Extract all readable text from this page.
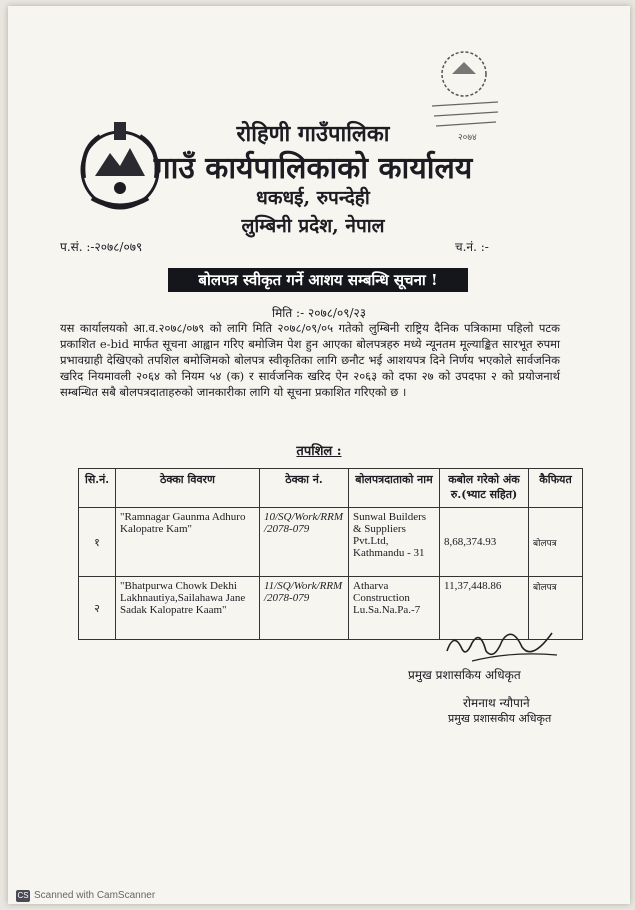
२०७४
रोहिणी गाउँपालिका
गाउँ कार्यपालिकाको कार्यालय
धकधई, रुपन्देही
लुम्बिनी प्रदेश, नेपाल
प.सं. :-२०७८/०७९	च.नं. :-
बोलपत्र स्वीकृत गर्ने आशय सम्बन्धि सूचना !
मिति :- २०७८/०९/२३
यस कार्यालयको आ.व.२०७८/०७९ को लागि मिति २०७८/०९/०५ गतेको लुम्बिनी राष्ट्रिय दैनिक पत्रिकामा पहिलो पटक प्रकाशित e-bid मार्फत सूचना आह्वान गरिए बमोजिम पेश हुन आएका बोलपत्रहरु मध्ये न्यूनतम मूल्याङ्कित सारभूत रुपमा प्रभावग्राही देखिएको तपशिल बमोजिमको बोलपत्र स्वीकृतिका लागि छनौट भई आशयपत्र दिने निर्णय भएकोले सार्वजनिक खरिद नियमावली २०६४ को नियम ५४ (क) र सार्वजनिक खरिद ऐन २०६३ को दफा २७ को उपदफा २ को प्रयोजनार्थ सम्बन्धित सबै बोलपत्रदाताहरुको जानकारीका लागि यो सूचना प्रकाशित गरिएको छ ।
तपशिल :
सि.नं.	ठेक्का विवरण	ठेक्का नं.	बोलपत्रदाताको नाम	कबोल गरेको अंक रु.(भ्याट सहित)	कैफियत
१	"Ramnagar Gaunma Adhuro Kalopatre Kam"	10/SQ/Work/RRM /2078-079	Sunwal Builders & Suppliers Pvt.Ltd, Kathmandu - 31	8,68,374.93	बोलपत्र
२	"Bhatpurwa Chowk Dekhi Lakhnautiya,Sailahawa Jane Sadak Kalopatre Kaam"	11/SQ/Work/RRM /2078-079	Atharva Construction Lu.Sa.Na.Pa.-7	11,37,448.86	बोलपत्र
प्रमुख प्रशासकिय अधिकृत
रोमनाथ न्यौपाने
प्रमुख प्रशासकीय अधिकृत
CS Scanned with CamScanner
